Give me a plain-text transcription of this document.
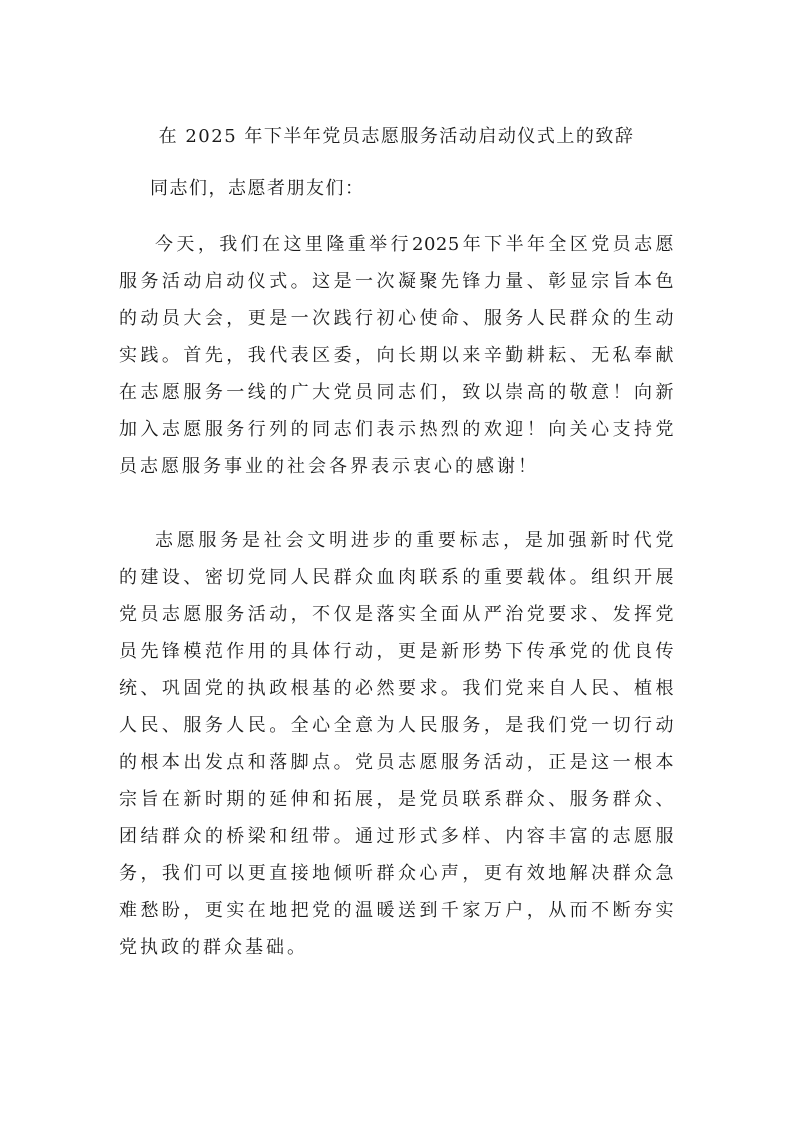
在 2025 年下半年党员志愿服务活动启动仪式上的致辞
同志们，志愿者朋友们：
今天，我们在这里隆重举行2025年下半年全区党员志愿
服务活动启动仪式。这是一次凝聚先锋力量、彰显宗旨本色
的动员大会，更是一次践行初心使命、服务人民群众的生动
实践。首先，我代表区委，向长期以来辛勤耕耘、无私奉献
在志愿服务一线的广大党员同志们，致以崇高的敬意！向新
加入志愿服务行列的同志们表示热烈的欢迎！向关心支持党
员志愿服务事业的社会各界表示衷心的感谢！
志愿服务是社会文明进步的重要标志，是加强新时代党
的建设、密切党同人民群众血肉联系的重要载体。组织开展
党员志愿服务活动，不仅是落实全面从严治党要求、发挥党
员先锋模范作用的具体行动，更是新形势下传承党的优良传
统、巩固党的执政根基的必然要求。我们党来自人民、植根
人民、服务人民。全心全意为人民服务，是我们党一切行动
的根本出发点和落脚点。党员志愿服务活动，正是这一根本
宗旨在新时期的延伸和拓展，是党员联系群众、服务群众、
团结群众的桥梁和纽带。通过形式多样、内容丰富的志愿服
务，我们可以更直接地倾听群众心声，更有效地解决群众急
难愁盼，更实在地把党的温暖送到千家万户，从而不断夯实
党执政的群众基础。
